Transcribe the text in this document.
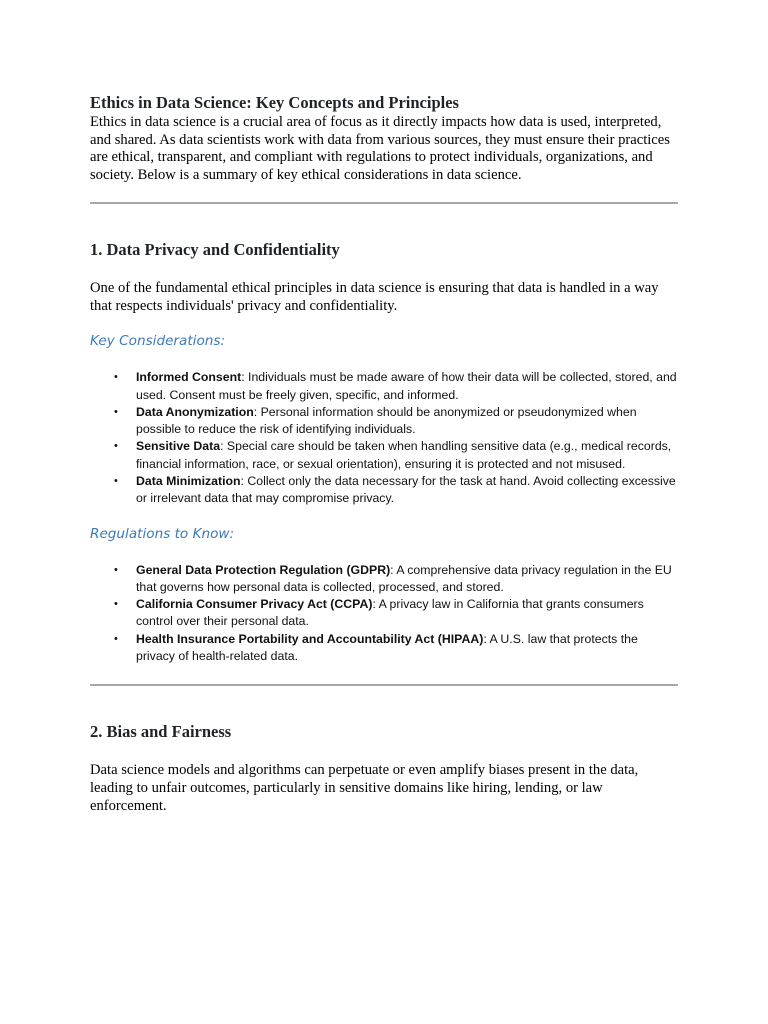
Ethics in Data Science: Key Concepts and Principles

Ethics in data science is a crucial area of focus as it directly impacts how data is used, interpreted, and shared. As data scientists work with data from various sources, they must ensure their practices are ethical, transparent, and compliant with regulations to protect individuals, organizations, and society. Below is a summary of key ethical considerations in data science.

1. Data Privacy and Confidentiality

One of the fundamental ethical principles in data science is ensuring that data is handled in a way that respects individuals' privacy and confidentiality.

Key Considerations:
• Informed Consent: Individuals must be made aware of how their data will be collected, stored, and used. Consent must be freely given, specific, and informed.
• Data Anonymization: Personal information should be anonymized or pseudonymized when possible to reduce the risk of identifying individuals.
• Sensitive Data: Special care should be taken when handling sensitive data (e.g., medical records, financial information, race, or sexual orientation), ensuring it is protected and not misused.
• Data Minimization: Collect only the data necessary for the task at hand. Avoid collecting excessive or irrelevant data that may compromise privacy.
Regulations to Know:
• General Data Protection Regulation (GDPR): A comprehensive data privacy regulation in the EU that governs how personal data is collected, processed, and stored.
• California Consumer Privacy Act (CCPA): A privacy law in California that grants consumers control over their personal data.
• Health Insurance Portability and Accountability Act (HIPAA): A U.S. law that protects the privacy of health-related data.
2. Bias and Fairness

Data science models and algorithms can perpetuate or even amplify biases present in the data, leading to unfair outcomes, particularly in sensitive domains like hiring, lending, or law enforcement.
